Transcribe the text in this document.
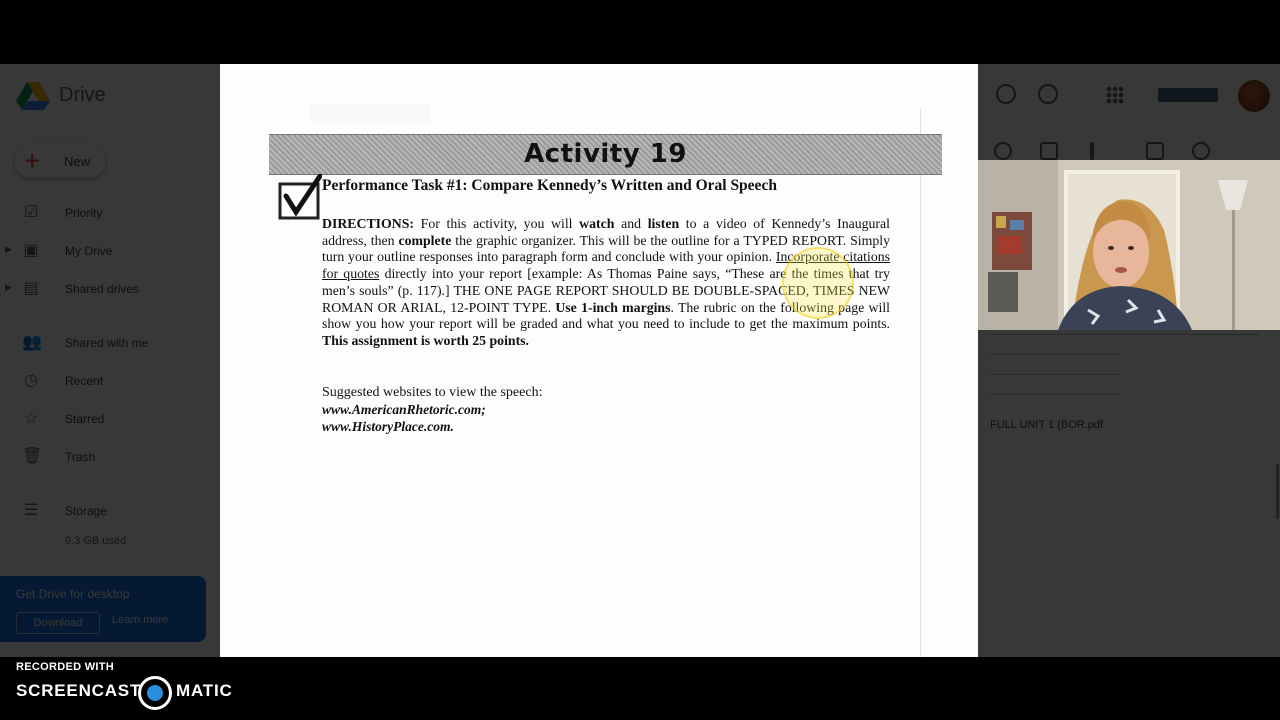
Activity 19
Performance Task #1: Compare Kennedy’s Written and Oral Speech
DIRECTIONS: For this activity, you will watch and listen to a video of Kennedy’s Inaugural address, then complete the graphic organizer. This will be the outline for a TYPED REPORT. Simply turn your outline responses into paragraph form and conclude with your opinion. Incorporate citations for quotes directly into your report [example: As Thomas Paine says, “These are the times that try men’s souls” (p. 117).] THE ONE PAGE REPORT SHOULD BE DOUBLE-SPACED, TIMES NEW ROMAN OR ARIAL, 12-POINT TYPE. Use 1-inch margins. The rubric on the following page will show you how your report will be graded and what you need to include to get the maximum points. This assignment is worth 25 points.
Suggested websites to view the speech:
www.AmericanRhetoric.com;
www.HistoryPlace.com.
RECORDED WITH
SCREENCAST MATIC
